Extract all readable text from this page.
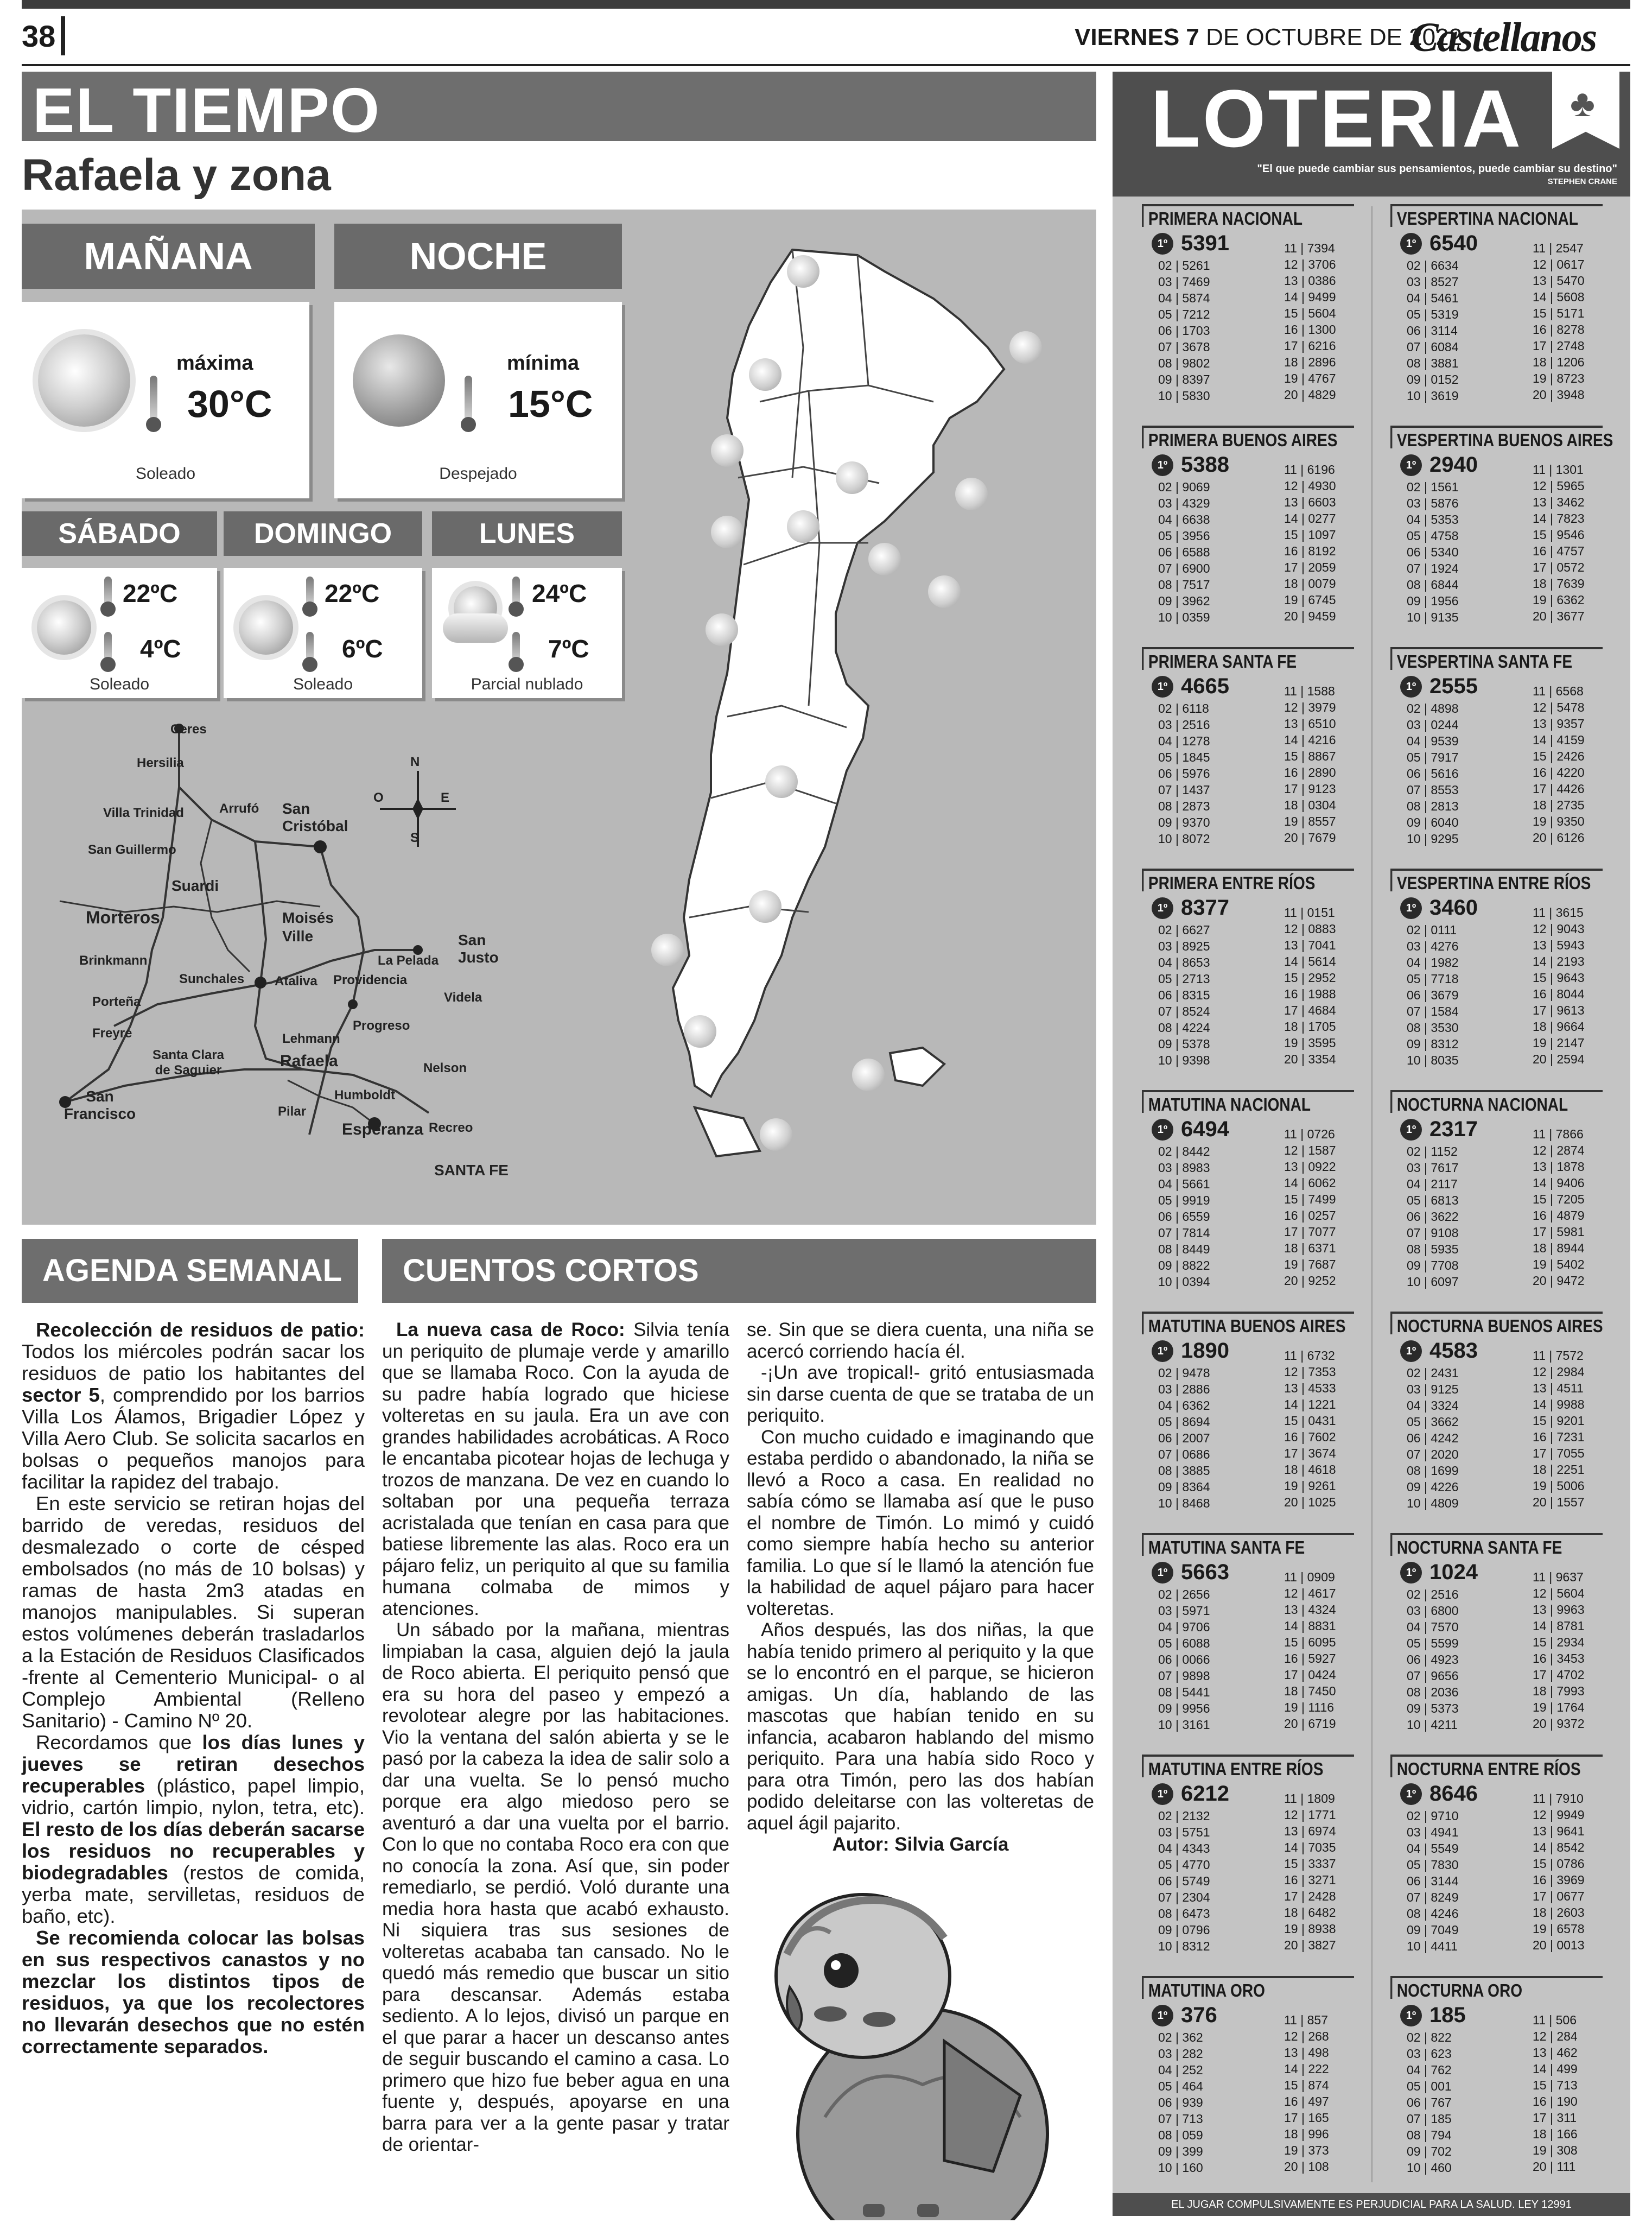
38	VIERNES 7 DE OCTUBRE DE 2022
Castellanos
EL TIEMPO
Rafaela y zona
MAÑANA
máxima
30°C
Soleado
NOCHE
mínima
15°C
Despejado
SÁBADO
22ºC
4ºC
Soleado
DOMINGO
22ºC
6ºC
Soleado
LUNES
24ºC
7ºC
Parcial nublado
N
S
E
O
Ceres
Hersilia
Villa Trinidad	Arrufó
San Guillermo
Suardi
Morteros
Brinkmann
Porteña
Freyre
Santa Clara de Saguier
Sunchales Ataliva
Moisés Ville
La Pelada
Providencia
Lehmann
Progreso
Videla
Nelson
Humboldt
Pilar
Recreo
San Cristóbal
San Justo
Rafaela
San Francisco
Esperanza
SANTA FE
AGENDA SEMANAL

Recolección de residuos de patio: Todos los miércoles podrán sacar los residuos de patio los habitantes del sector 5, comprendido por los barrios Villa Los Álamos, Brigadier López y Villa Aero Club. Se solicita sacarlos en bolsas o pequeños manojos para facilitar la rapidez del trabajo.

En este servicio se retiran hojas del barrido de veredas, residuos del desmalezado o corte de césped embolsados (no más de 10 bolsas) y ramas de hasta 2m3 atadas en manojos manipulables. Si superan estos volúmenes deberán trasladarlos a la Estación de Residuos Clasificados -frente al Cementerio Municipal- o al Complejo Ambiental (Relleno Sanitario) - Camino Nº 20.

Recordamos que los días lunes y jueves se retiran desechos recuperables (plástico, papel limpio, vidrio, cartón limpio, nylon, tetra, etc). El resto de los días deberán sacarse los residuos no recuperables y biodegradables (restos de comida, yerba mate, servilletas, residuos de baño, etc).

Se recomienda colocar las bolsas en sus respectivos canastos y no mezclar los distintos tipos de residuos, ya que los recolectores no llevarán desechos que no estén correctamente separados.

CUENTOS CORTOS

La nueva casa de Roco: Silvia tenía un periquito de plumaje verde y amarillo que se llamaba Roco. Con la ayuda de su padre había logrado que hiciese volteretas en su jaula. Era un ave con grandes habilidades acrobáticas. A Roco le encantaba picotear hojas de lechuga y trozos de manzana. De vez en cuando lo soltaban por una pequeña terraza acristalada que tenían en casa para que batiese libremente las alas. Roco era un pájaro feliz, un periquito al que su familia humana colmaba de mimos y atenciones.

Un sábado por la mañana, mientras limpiaban la casa, alguien dejó la jaula de Roco abierta. El periquito pensó que era su hora del paseo y empezó a revolotear alegre por las habitaciones. Vio la ventana del salón abierta y se le pasó por la cabeza la idea de salir solo a dar una vuelta. Se lo pensó mucho porque era algo miedoso pero se aventuró a dar una vuelta por el barrio. Con lo que no contaba Roco era con que no conocía la zona. Así que, sin poder remediarlo, se perdió. Voló durante una media hora hasta que acabó exhausto. Ni siquiera tras sus sesiones de volteretas acababa tan cansado. No le quedó más remedio que buscar un sitio para descansar. Además estaba sediento. A lo lejos, divisó un parque en el que parar a hacer un descanso antes de seguir buscando el camino a casa. Lo primero que hizo fue beber agua en una fuente y, después, apoyarse en una barra para ver a la gente pasar y tratar de orientar-

se. Sin que se diera cuenta, una niña se acercó corriendo hacía él.

-¡Un ave tropical!- gritó entusiasmada sin darse cuenta de que se trataba de un periquito.

Con mucho cuidado e imaginando que estaba perdido o abandonado, la niña se llevó a Roco a casa. En realidad no sabía cómo se llamaba así que le puso el nombre de Timón. Lo mimó y cuidó como siempre había hecho su anterior familia. Lo que sí le llamó la atención fue la habilidad de aquel pájaro para hacer volteretas.

Años después, las dos niñas, la que había tenido primero al periquito y la que se lo encontró en el parque, se hicieron amigas. Un día, hablando de las mascotas que habían tenido en su infancia, acabaron hablando del mismo periquito. Para una había sido Roco y para otra Timón, pero las dos habían podido deleitarse con las volteretas de aquel ágil pajarito.

Autor: Silvia García

LOTERIA ♣
"El que puede cambiar sus pensamientos, puede cambiar su destino"
STEPHEN CRANE
PRIMERA NACIONAL
1º 5391
02 | 5261
03 | 7469
04 | 5874
05 | 7212
06 | 1703
07 | 3678
08 | 9802
09 | 8397
10 | 5830
11 | 7394
12 | 3706
13 | 0386
14 | 9499
15 | 5604
16 | 1300
17 | 6216
18 | 2896
19 | 4767
20 | 4829
VESPERTINA NACIONAL
1º 6540
02 | 6634
03 | 8527
04 | 5461
05 | 5319
06 | 3114
07 | 6084
08 | 3881
09 | 0152
10 | 3619
11 | 2547
12 | 0617
13 | 5470
14 | 5608
15 | 5171
16 | 8278
17 | 2748
18 | 1206
19 | 8723
20 | 3948
PRIMERA BUENOS AIRES
1º 5388
02 | 9069
03 | 4329
04 | 6638
05 | 3956
06 | 6588
07 | 6900
08 | 7517
09 | 3962
10 | 0359
11 | 6196
12 | 4930
13 | 6603
14 | 0277
15 | 1097
16 | 8192
17 | 2059
18 | 0079
19 | 6745
20 | 9459
VESPERTINA BUENOS AIRES
1º 2940
02 | 1561
03 | 5876
04 | 5353
05 | 4758
06 | 5340
07 | 1924
08 | 6844
09 | 1956
10 | 9135
11 | 1301
12 | 5965
13 | 3462
14 | 7823
15 | 9546
16 | 4757
17 | 0572
18 | 7639
19 | 6362
20 | 3677
PRIMERA SANTA FE
1º 4665
02 | 6118
03 | 2516
04 | 1278
05 | 1845
06 | 5976
07 | 1437
08 | 2873
09 | 9370
10 | 8072
11 | 1588
12 | 3979
13 | 6510
14 | 4216
15 | 8867
16 | 2890
17 | 9123
18 | 0304
19 | 8557
20 | 7679
VESPERTINA SANTA FE
1º 2555
02 | 4898
03 | 0244
04 | 9539
05 | 7917
06 | 5616
07 | 8553
08 | 2813
09 | 6040
10 | 9295
11 | 6568
12 | 5478
13 | 9357
14 | 4159
15 | 2426
16 | 4220
17 | 4426
18 | 2735
19 | 9350
20 | 6126
PRIMERA ENTRE RÍOS
1º 8377
02 | 6627
03 | 8925
04 | 8653
05 | 2713
06 | 8315
07 | 8524
08 | 4224
09 | 5378
10 | 9398
11 | 0151
12 | 0883
13 | 7041
14 | 5614
15 | 2952
16 | 1988
17 | 4684
18 | 1705
19 | 3595
20 | 3354
VESPERTINA ENTRE RÍOS
1º 3460
02 | 0111
03 | 4276
04 | 1982
05 | 7718
06 | 3679
07 | 1584
08 | 3530
09 | 8312
10 | 8035
11 | 3615
12 | 9043
13 | 5943
14 | 2193
15 | 9643
16 | 8044
17 | 9613
18 | 9664
19 | 2147
20 | 2594
MATUTINA NACIONAL
1º 6494
02 | 8442
03 | 8983
04 | 5661
05 | 9919
06 | 6559
07 | 7814
08 | 8449
09 | 8822
10 | 0394
11 | 0726
12 | 1587
13 | 0922
14 | 6062
15 | 7499
16 | 0257
17 | 7077
18 | 6371
19 | 7687
20 | 9252
NOCTURNA NACIONAL
1º 2317
02 | 1152
03 | 7617
04 | 2117
05 | 6813
06 | 3622
07 | 9108
08 | 5935
09 | 7708
10 | 6097
11 | 7866
12 | 2874
13 | 1878
14 | 9406
15 | 7205
16 | 4879
17 | 5981
18 | 8944
19 | 5402
20 | 9472
MATUTINA BUENOS AIRES
1º 1890
02 | 9478
03 | 2886
04 | 6362
05 | 8694
06 | 2007
07 | 0686
08 | 3885
09 | 8364
10 | 8468
11 | 6732
12 | 7353
13 | 4533
14 | 1221
15 | 0431
16 | 7602
17 | 3674
18 | 4618
19 | 9261
20 | 1025
NOCTURNA BUENOS AIRES
1º 4583
02 | 2431
03 | 9125
04 | 3324
05 | 3662
06 | 4242
07 | 2020
08 | 1699
09 | 4226
10 | 4809
11 | 7572
12 | 2984
13 | 4511
14 | 9988
15 | 9201
16 | 7231
17 | 7055
18 | 2251
19 | 5006
20 | 1557
MATUTINA SANTA FE
1º 5663
02 | 2656
03 | 5971
04 | 9706
05 | 6088
06 | 0066
07 | 9898
08 | 5441
09 | 9956
10 | 3161
11 | 0909
12 | 4617
13 | 4324
14 | 8831
15 | 6095
16 | 5927
17 | 0424
18 | 7450
19 | 1116
20 | 6719
NOCTURNA SANTA FE
1º 1024
02 | 2516
03 | 6800
04 | 7570
05 | 5599
06 | 4923
07 | 9656
08 | 2036
09 | 5373
10 | 4211
11 | 9637
12 | 5604
13 | 9963
14 | 8781
15 | 2934
16 | 3453
17 | 4702
18 | 7993
19 | 1764
20 | 9372
MATUTINA ENTRE RÍOS
1º 6212
02 | 2132
03 | 5751
04 | 4343
05 | 4770
06 | 5749
07 | 2304
08 | 6473
09 | 0796
10 | 8312
11 | 1809
12 | 1771
13 | 6974
14 | 7035
15 | 3337
16 | 3271
17 | 2428
18 | 6482
19 | 8938
20 | 3827
NOCTURNA ENTRE RÍOS
1º 8646
02 | 9710
03 | 4941
04 | 5549
05 | 7830
06 | 3144
07 | 8249
08 | 4246
09 | 7049
10 | 4411
11 | 7910
12 | 9949
13 | 9641
14 | 8542
15 | 0786
16 | 3969
17 | 0677
18 | 2603
19 | 6578
20 | 0013
MATUTINA ORO
1º 376
02 | 362
03 | 282
04 | 252
05 | 464
06 | 939
07 | 713
08 | 059
09 | 399
10 | 160
11 | 857
12 | 268
13 | 498
14 | 222
15 | 874
16 | 497
17 | 165
18 | 996
19 | 373
20 | 108
NOCTURNA ORO
1º 185
02 | 822
03 | 623
04 | 762
05 | 001
06 | 767
07 | 185
08 | 794
09 | 702
10 | 460
11 | 506
12 | 284
13 | 462
14 | 499
15 | 713
16 | 190
17 | 311
18 | 166
19 | 308
20 | 111
EL JUGAR COMPULSIVAMENTE ES PERJUDICIAL PARA LA SALUD. LEY 12991
